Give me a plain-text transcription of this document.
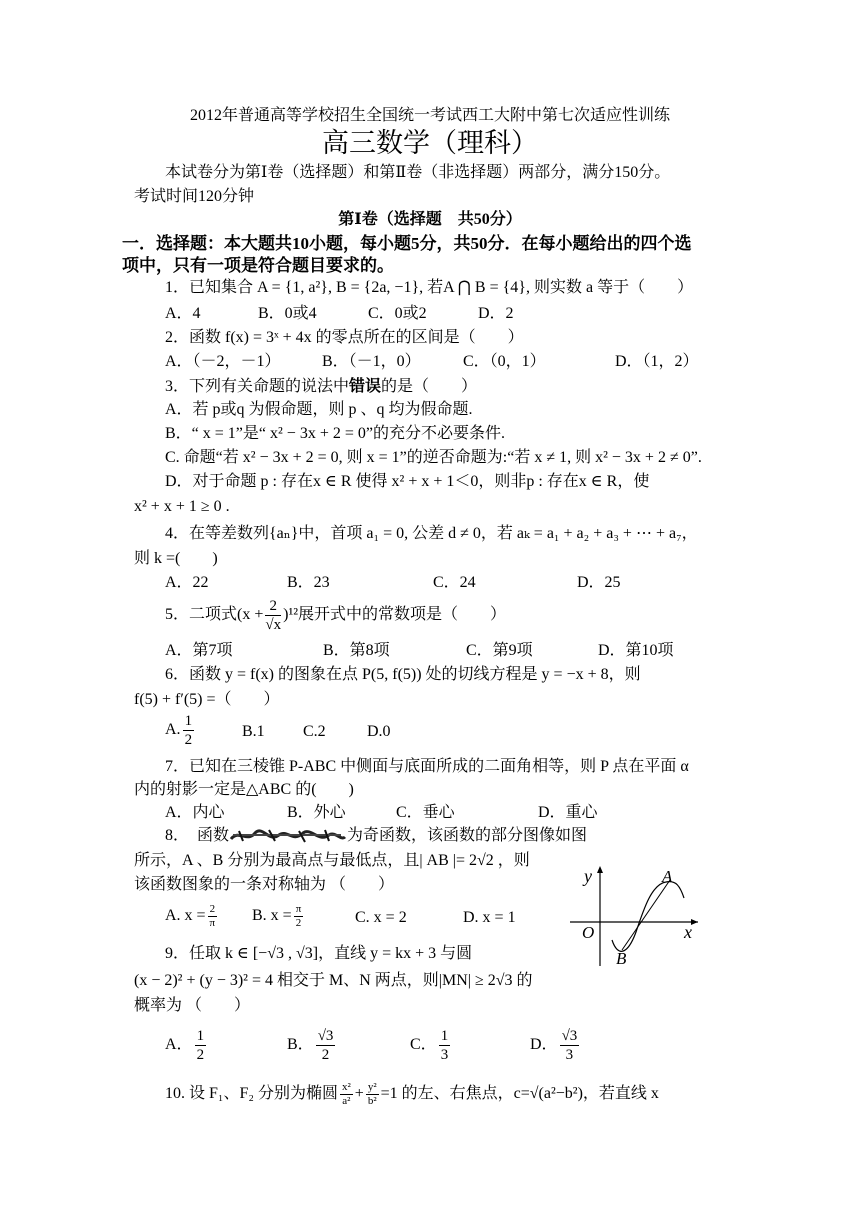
2012年普通高等学校招生全国统一考试西工大附中第七次适应性训练
高三数学（理科）
本试卷分为第Ⅰ卷（选择题）和第Ⅱ卷（非选择题）两部分，满分150分。
考试时间120分钟
第Ⅰ卷（选择题　共50分）
一．选择题：本大题共10小题，每小题5分，共50分．在每小题给出的四个选
项中，只有一项是符合题目要求的。
1．已知集合 A = {1, a²}, B = {2a, −1}, 若A ⋂ B = {4}, 则实数 a 等于（　　）
A．4	B．0或4	C．0或2	D．2
2．函数 f(x) = 3ˣ + 4x 的零点所在的区间是（　　）
A．（－2，－1）	B．（－1，0）	C．（0，1）	D．（1，2）
3．下列有关命题的说法中错误的是（　　）
A．若 p或q 为假命题，则 p 、q 均为假命题.
B．“ x = 1”是“ x² − 3x + 2 = 0”的充分不必要条件.
C. 命题“若 x² − 3x + 2 = 0, 则 x = 1”的逆否命题为:“若 x ≠ 1, 则 x² − 3x + 2 ≠ 0”.
D．对于命题 p : 存在x ∈ R 使得 x² + x + 1＜0，则非p : 存在x ∈ R，使
x² + x + 1 ≥ 0 .
4．在等差数列{aₙ}中，首项 a₁ = 0, 公差 d ≠ 0，若 aₖ = a₁ + a₂ + a₃ + ⋯ + a₇，
则 k =(　　)
A．22	B．23	C．24	D．25
5．二项式$(x + \frac{2}{√x} )^{12}$展开式中的常数项是（　　）
A．第7项	B．第8项	C．第9项	D．第10项
6．函数 y = f(x) 的图象在点 P(5, f(5)) 处的切线方程是 y = −x + 8，则
f(5) + f′(5) =（　　）
A. $\frac{1}{2}$	B.1 C.2	D.0
7．已知在三棱锥 P-ABC 中侧面与底面所成的二面角相等，则 P 点在平面 α
内的射影一定是△ABC 的(　　)
A．内心	B．外心	C．垂心	D．重心
8．　函数	为奇函数，该函数的部分图像如图
所示，A 、B 分别为最高点与最低点，且| AB |= 2√2 ，则
该函数图象的一条对称轴为 （　　）
A. $x = \frac{2}{\pi} B$. $x = \frac{\pi}{2}$	C. x = 2	D. x = 1
y
x
O
A
B
9．任取 k ∈ [−√3 , √3]，直线 y = kx + 3 与圆
(x − 2)² + (y − 3)² = 4 相交于 M、N 两点，则|MN| ≥ 2√3 的
概率为 （　　）
A． $\frac{1}{2}$	B． $\frac{√3}{2}$	C． $\frac{1}{3}$	D． $\frac{√3}{3}$
10. 设 F₁、F₂ 分别为椭圆 $\frac{\text{x²}}{\text{a²}} + \frac{\text{y²}}{\text{b²}} =1$ 的左、右焦点，c=√(a²−b²)，若直线 x
